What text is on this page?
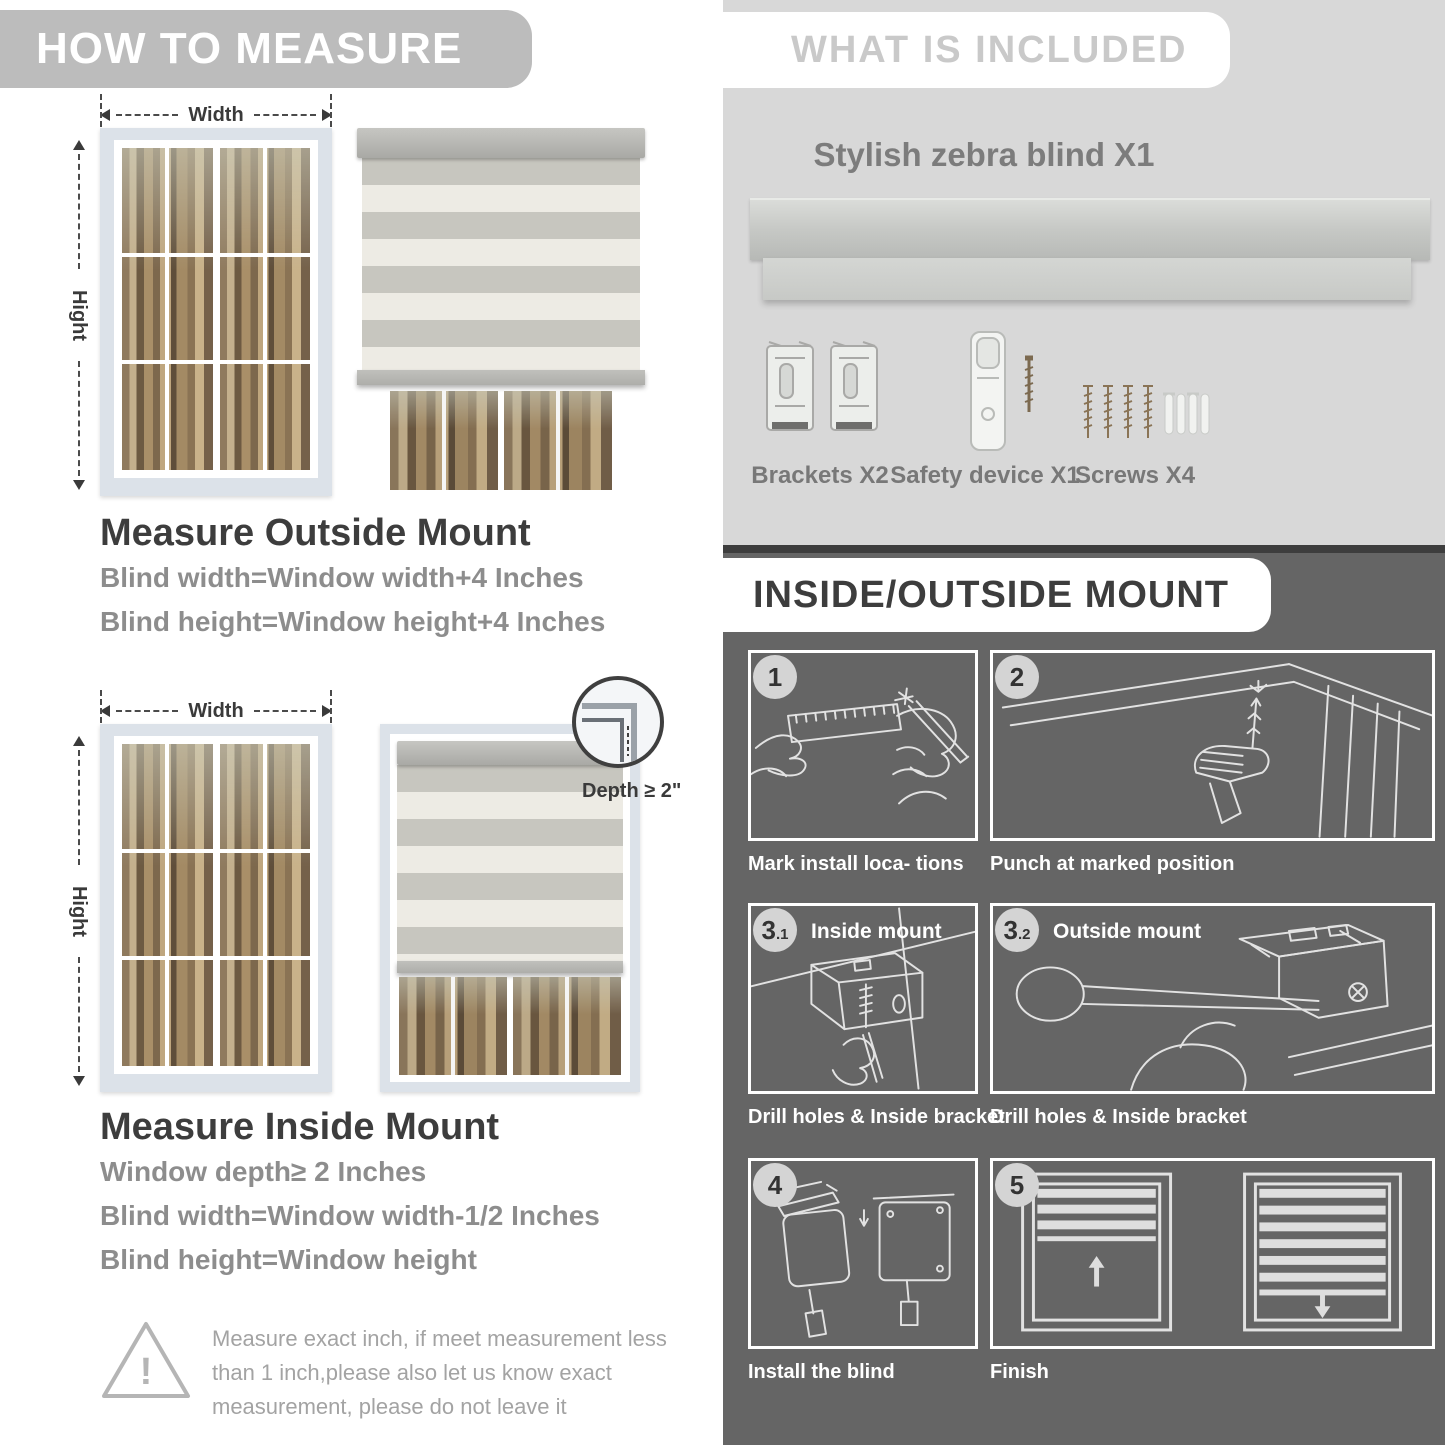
HOW TO MEASURE
Width
Hight
Measure Outside Mount
Blind width=Window width+4 Inches
Blind height=Window height+4 Inches
Width
Hight
Depth ≥ 2"
Measure Inside Mount
Window depth≥ 2 Inches
Blind width=Window width-1/2 Inches
Blind height=Window height
!
Measure exact inch, if meet measurement less than 1 inch,please also let us know exact measurement, please do not leave it
WHAT IS INCLUDED
Stylish zebra blind X1
Brackets X2 Safety device X1
Screws X4
INSIDE/OUTSIDE MOUNT
1
Mark install loca- tions
2
Punch at marked position
3 .1 Inside mount
Drill holes & Inside bracket
3 .2 Outside mount
Drill holes & Inside bracket
4
Install the blind
5
Finish
